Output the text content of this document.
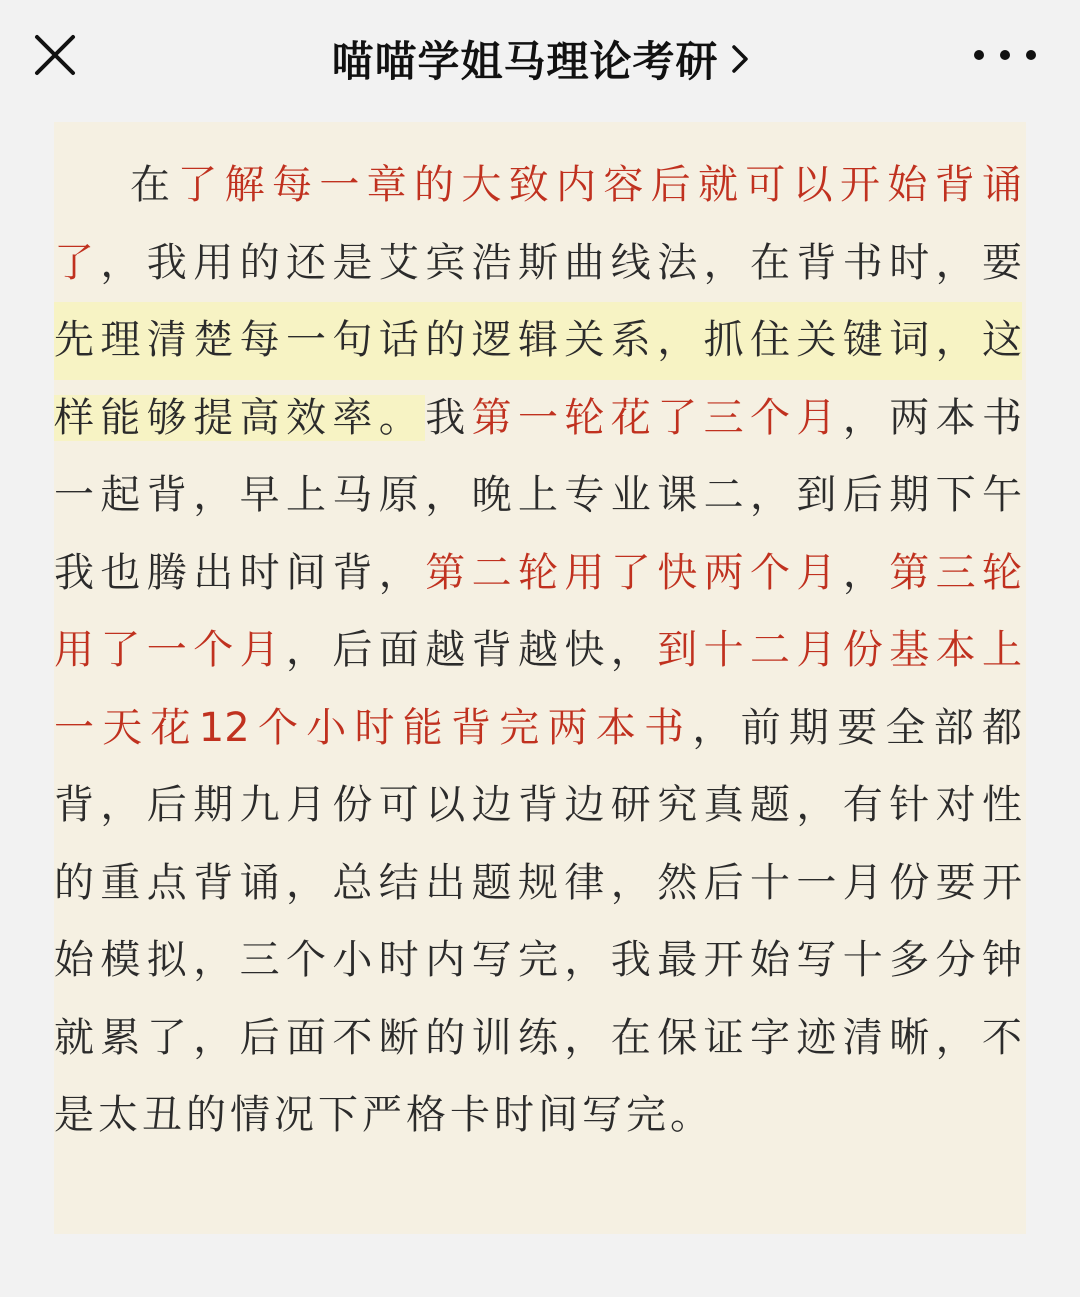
喵喵学姐马理论考研
在了解每一章的大致内容后就可以开始背诵
了，我用的还是艾宾浩斯曲线法，在背书时，要
先理清楚每一句话的逻辑关系，抓住关键词，这
样能够提高效率。我第一轮花了三个月，两本书
一起背，早上马原，晚上专业课二，到后期下午
我也腾出时间背，第二轮用了快两个月，第三轮
用了一个月，后面越背越快，到十二月份基本上
一天花12个小时能背完两本书，前期要全部都
背，后期九月份可以边背边研究真题，有针对性
的重点背诵，总结出题规律，然后十一月份要开
始模拟，三个小时内写完，我最开始写十多分钟
就累了，后面不断的训练，在保证字迹清晰，不
是太丑的情况下严格卡时间写完。
